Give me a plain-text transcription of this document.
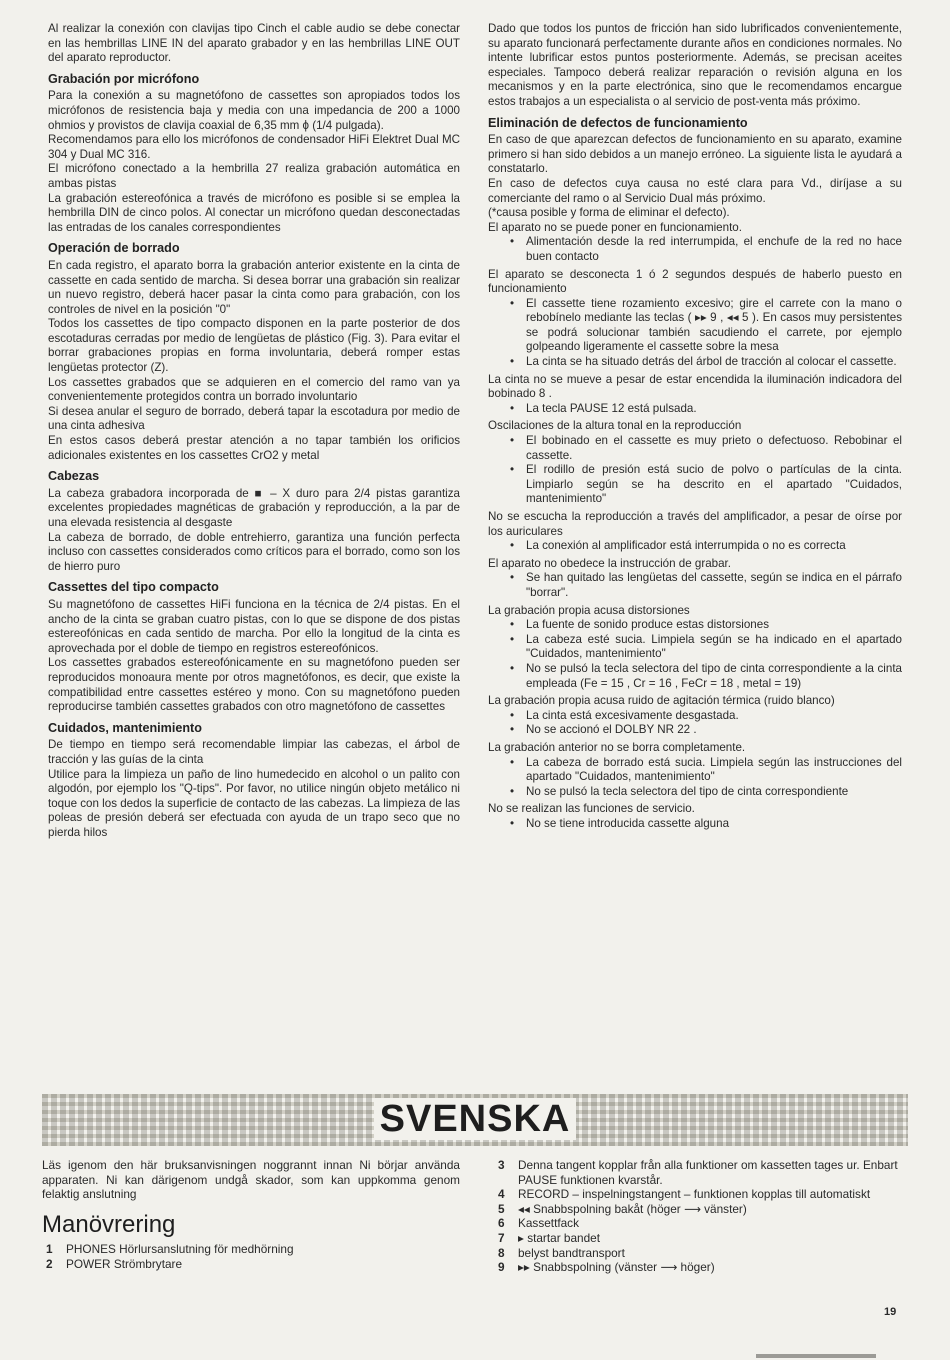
Al realizar la conexión con clavijas tipo Cinch el cable audio se debe conectar en las hembrillas LINE IN del aparato grabador y en las hembrillas LINE OUT del aparato reproductor.

Grabación por micrófono

Para la conexión a su magnetófono de cassettes son apropiados todos los micrófonos de resistencia baja y media con una impedancia de 200 a 1000 ohmios y provistos de clavija coaxial de 6,35 mm ϕ (1/4 pulgada).

Recomendamos para ello los micrófonos de condensador HiFi Elektret Dual MC 304 y Dual MC 316.

El micrófono conectado a la hembrilla 27 realiza grabación automática en ambas pistas

La grabación estereofónica a través de micrófono es posible si se emplea la hembrilla DIN de cinco polos. Al conectar un micrófono quedan desconectadas las entradas de los canales correspondientes

Operación de borrado

En cada registro, el aparato borra la grabación anterior existente en la cinta de cassette en cada sentido de marcha. Si desea borrar una grabación sin realizar un nuevo registro, deberá hacer pasar la cinta como para grabación, con los controles de nivel en la posición "0"

Todos los cassettes de tipo compacto disponen en la parte posterior de dos escotaduras cerradas por medio de lengüetas de plástico (Fig. 3). Para evitar el borrar grabaciones propias en forma involuntaria, deberá romper estas lengüetas protector (Z).

Los cassettes grabados que se adquieren en el comercio del ramo van ya convenientemente protegidos contra un borrado involuntario

Si desea anular el seguro de borrado, deberá tapar la escotadura por medio de una cinta adhesiva

En estos casos deberá prestar atención a no tapar también los orificios adicionales existentes en los cassettes CrO2 y metal

Cabezas

La cabeza grabadora incorporada de ■ – X duro para 2/4 pistas garantiza excelentes propiedades magnéticas de grabación y reproducción, a la par de una elevada resistencia al desgaste

La cabeza de borrado, de doble entrehierro, garantiza una función perfecta incluso con cassettes considerados como críticos para el borrado, como son los de hierro puro

Cassettes del tipo compacto

Su magnetófono de cassettes HiFi funciona en la técnica de 2/4 pistas. En el ancho de la cinta se graban cuatro pistas, con lo que se dispone de dos pistas estereofónicas en cada sentido de marcha. Por ello la longitud de la cinta es aprovechada por el doble de tiempo en registros estereofónicos.

Los cassettes grabados estereofónicamente en su magnetófono pueden ser reproducidos monoaura mente por otros magnetófonos, es decir, que existe la compatibilidad entre cassettes estéreo y mono. Con su magnetófono pueden reproducirse también cassettes grabados con otro magnetófono de cassettes

Cuidados, mantenimiento

De tiempo en tiempo será recomendable limpiar las cabezas, el árbol de tracción y las guías de la cinta

Utilice para la limpieza un paño de lino humedecido en alcohol o un palito con algodón, por ejemplo los "Q-tips". Por favor, no utilice ningún objeto metálico ni toque con los dedos la superficie de contacto de las cabezas. La limpieza de las poleas de presión deberá ser efectuada con ayuda de un trapo seco que no pierda hilos

Dado que todos los puntos de fricción han sido lubrificados convenientemente, su aparato funcionará perfectamente durante años en condiciones normales. No intente lubrificar estos puntos posteriormente. Además, se precisan aceites especiales. Tampoco deberá realizar reparación o revisión alguna en los mecanismos y en la parte electrónica, sino que le recomendamos encargue estos trabajos a un especialista o al servicio de post-venta más próximo.

Eliminación de defectos de funcionamiento

En caso de que aparezcan defectos de funcionamiento en su aparato, examine primero si han sido debidos a un manejo erróneo. La siguiente lista le ayudará a constatarlo.

En caso de defectos cuya causa no esté clara para Vd., diríjase a su comerciante del ramo o al Servicio Dual más próximo.

(*causa posible y forma de eliminar el defecto).

El aparato no se puede poner en funcionamiento.

• Alimentación desde la red interrumpida, el enchufe de la red no hace buen contacto

El aparato se desconecta 1 ó 2 segundos después de haberlo puesto en funcionamiento

• El cassette tiene rozamiento excesivo; gire el carrete con la mano o rebobínelo mediante las teclas ( ▸▸ 9 , ◂◂ 5 ). En casos muy persistentes se podrá solucionar también sacudiendo el carrete, por ejemplo golpeando ligeramente el cassette sobre la mesa
• La cinta se ha situado detrás del árbol de tracción al colocar el cassette.

La cinta no se mueve a pesar de estar encendida la iluminación indicadora del bobinado 8 .

• La tecla PAUSE 12 está pulsada.

Oscilaciones de la altura tonal en la reproducción

• El bobinado en el cassette es muy prieto o defectuoso. Rebobinar el cassette.
• El rodillo de presión está sucio de polvo o partículas de la cinta. Limpiarlo según se ha descrito en el apartado "Cuidados, mantenimiento"

No se escucha la reproducción a través del amplificador, a pesar de oírse por los auriculares

• La conexión al amplificador está interrumpida o no es correcta

El aparato no obedece la instrucción de grabar.

• Se han quitado las lengüetas del cassette, según se indica en el párrafo "borrar".

La grabación propia acusa distorsiones

• La fuente de sonido produce estas distorsiones
• La cabeza esté sucia. Limpiela según se ha indicado en el apartado "Cuidados, mantenimiento"
• No se pulsó la tecla selectora del tipo de cinta correspondiente a la cinta empleada (Fe = 15 , Cr = 16 , FeCr = 18 , metal = 19)

La grabación propia acusa ruido de agitación térmica (ruido blanco)

• La cinta está excesivamente desgastada.
• No se accionó el DOLBY NR 22 .

La grabación anterior no se borra completamente.

• La cabeza de borrado está sucia. Limpiela según las instrucciones del apartado "Cuidados, mantenimiento"
• No se pulsó la tecla selectora del tipo de cinta correspondiente

No se realizan las funciones de servicio.

• No se tiene introducida cassette alguna
SVENSKA

Läs igenom den här bruksanvisningen noggrannt innan Ni börjar använda apparaten. Ni kan därigenom undgå skador, som kan uppkomma genom felaktig anslutning

Manövrering
1 PHONES Hörlursanslutning för medhörning
2 POWER Strömbrytare
3 Denna tangent kopplar från alla funktioner om kassetten tages ur. Enbart PAUSE funktionen kvarstår.
4 RECORD – inspelningstangent – funktionen kopplas till automatiskt
5 ◂◂ Snabbspolning bakåt (höger ⟶ vänster)
6 Kassettfack
7 ▸ startar bandet
8 belyst bandtransport
9 ▸▸ Snabbspolning (vänster ⟶ höger)
19
